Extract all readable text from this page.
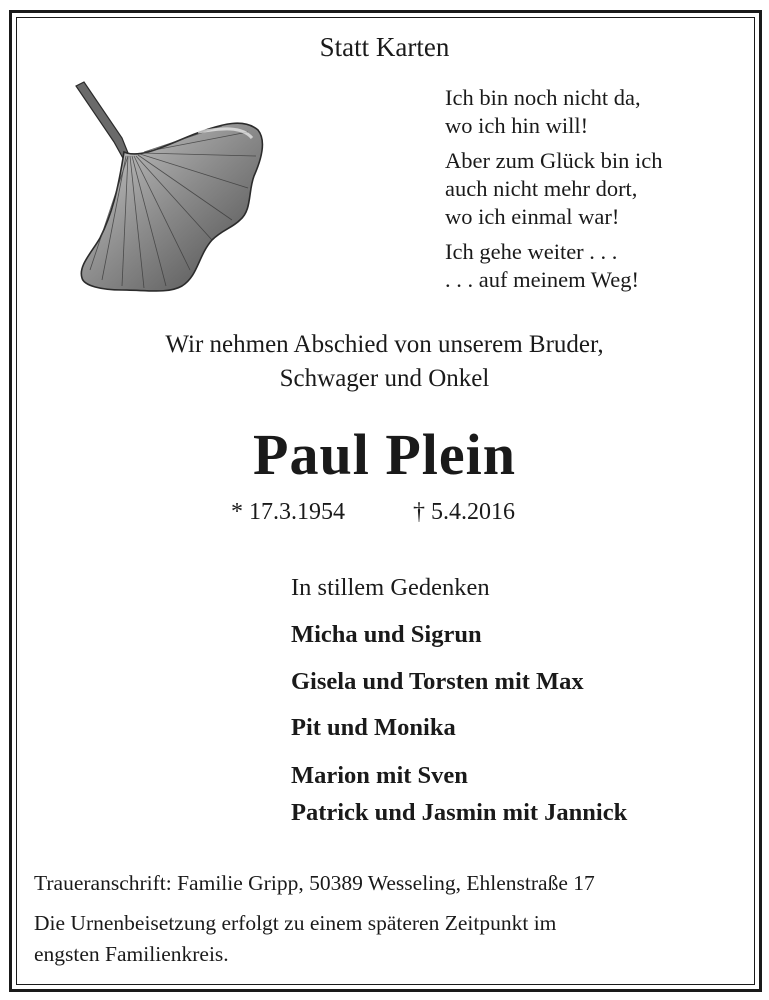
Statt Karten

Ich bin noch nicht da,
wo ich hin will!

Aber zum Glück bin ich
auch nicht mehr dort,
wo ich einmal war!

Ich gehe weiter . . .
. . . auf meinem Weg!

Wir nehmen Abschied von unserem Bruder,
Schwager und Onkel
Paul Plein
* 17.3.1954	† 5.4.2016
In stillem Gedenken
Micha und Sigrun
Gisela und Torsten mit Max
Pit und Monika
Marion mit Sven
Patrick und Jasmin mit Jannick
Traueranschrift: Familie Gripp, 50389 Wesseling, Ehlenstraße 17
Die Urnenbeisetzung erfolgt zu einem späteren Zeitpunkt im
engsten Familienkreis.
